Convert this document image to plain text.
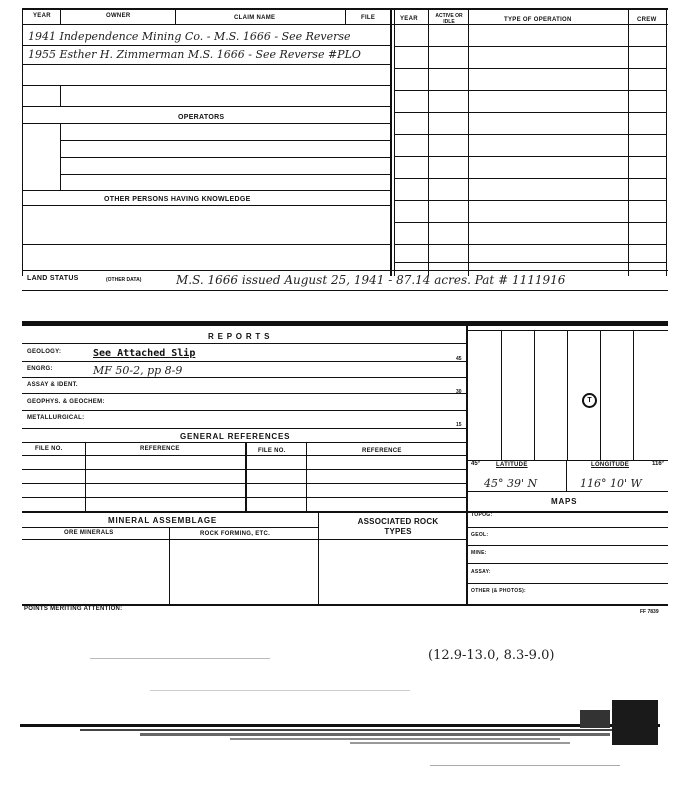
YEAR	OWNER	CLAIM NAME	FILE	YEAR	ACTIVE OR IDLE	TYPE OF OPERATION	CREW
1941 Independence Mining Co. - M.S. 1666 - See Reverse
1955 Esther H. Zimmerman M.S. 1666 - See Reverse #PLO
OPERATORS
OTHER PERSONS HAVING KNOWLEDGE
LAND STATUS	(OTHER DATA)	M.S. 1666 issued August 25, 1941 - 87.14 acres. Pat # 1111916
R E P O R T S
GEOLOGY:	See Attached Slip
ENGRG:	MF 50-2, pp 8-9
ASSAY & IDENT.
GEOPHYS. & GEOCHEM:
METALLURGICAL:
45
30
15
GENERAL REFERENCES
FILE NO.	REFERENCE	FILE NO.	REFERENCE
MINERAL ASSEMBLAGE
ORE MINERALS	ROCK FORMING, ETC.
ASSOCIATED ROCK TYPES
POINTS MERITING ATTENTION:	FF 7839
T
45°	116°
LATITUDE	LONGITUDE
45° 39' N	116° 10' W
MAPS
TOPOG:
GEOL:
MINE:
ASSAY:
OTHER (& PHOTOS):
(12.9-13.0, 8.3-9.0)
